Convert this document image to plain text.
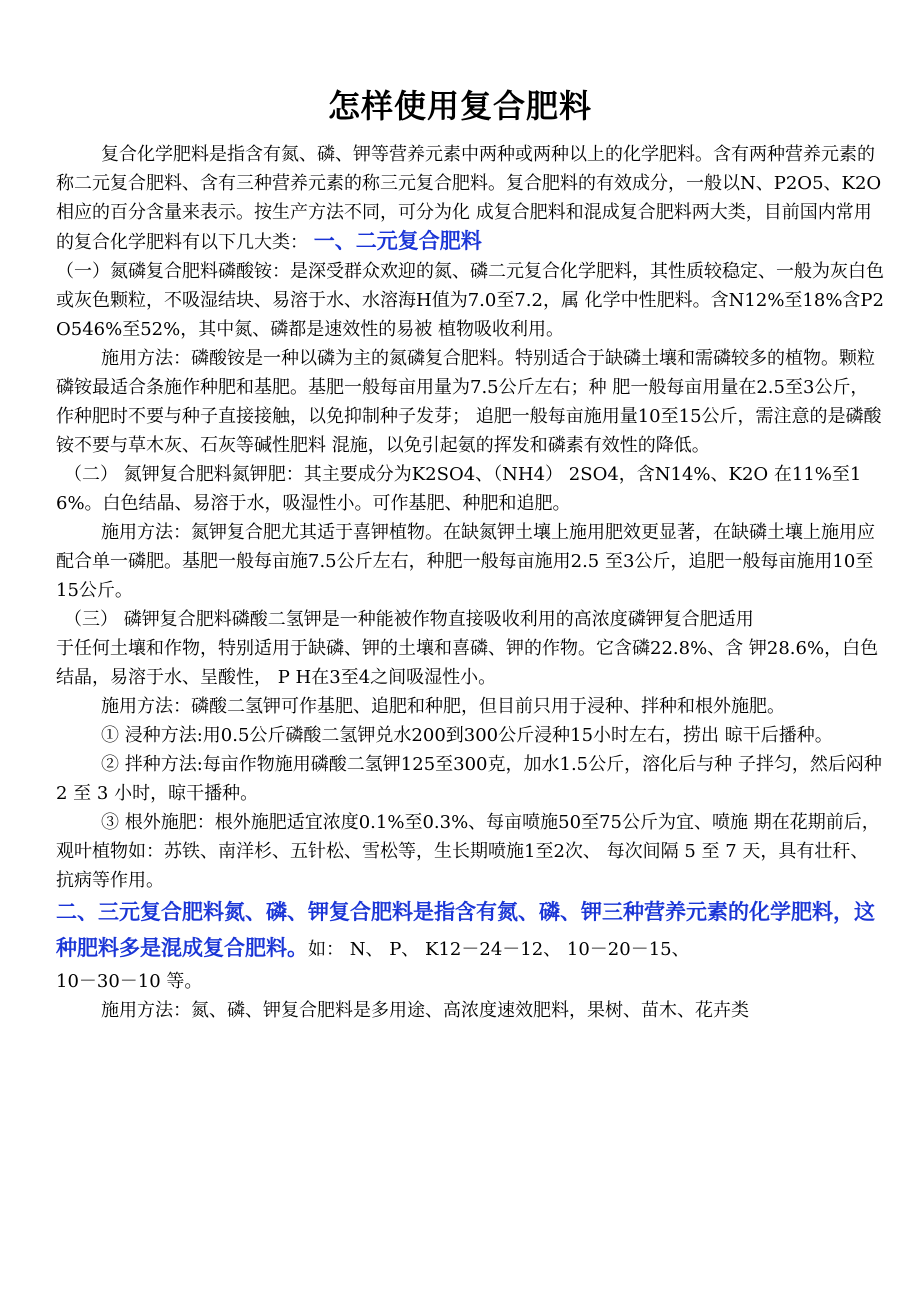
怎样使用复合肥料

复合化学肥料是指含有氮、磷、钾等营养元素中两种或两种以上的化学肥料。含有两种营养元素的称二元复合肥料、含有三种营养元素的称三元复合肥料。复合肥料的有效成分，一般以N、P2O5、K2O相应的百分含量来表示。按生产方法不同，可分为化 成复合肥料和混成复合肥料两大类，目前国内常用的复合化学肥料有以下几大类： 一、二元复合肥料

（一）氮磷复合肥料磷酸铵：是深受群众欢迎的氮、磷二元复合化学肥料，其性质较稳定、一般为灰白色或灰色颗粒，不吸湿结块、易溶于水、水溶海H值为7.0至7.2，属 化学中性肥料。含N12%至18%含P2O546%至52%，其中氮、磷都是速效性的易被 植物吸收利用。

施用方法：磷酸铵是一种以磷为主的氮磷复合肥料。特别适合于缺磷土壤和需磷较多的植物。颗粒磷铵最适合条施作种肥和基肥。基肥一般每亩用量为7.5公斤左右；种 肥一般每亩用量在2.5至3公斤，作种肥时不要与种子直接接触，以免抑制种子发芽； 追肥一般每亩施用量10至15公斤，需注意的是磷酸铵不要与草木灰、石灰等碱性肥料 混施，以免引起氨的挥发和磷素有效性的降低。

（二） 氮钾复合肥料氮钾肥：其主要成分为K2SO4、（NH4） 2SO4，含N14%、K2O 在11%至16%。白色结晶、易溶于水，吸湿性小。可作基肥、种肥和追肥。

施用方法：氮钾复合肥尤其适于喜钾植物。在缺氮钾土壤上施用肥效更显著，在缺磷土壤上施用应配合单一磷肥。基肥一般每亩施7.5公斤左右，种肥一般每亩施用2.5 至3公斤，追肥一般每亩施用10至15公斤。

（三） 磷钾复合肥料磷酸二氢钾是一种能被作物直接吸收利用的高浓度磷钾复合肥适用

于任何土壤和作物，特别适用于缺磷、钾的土壤和喜磷、钾的作物。它含磷22.8%、含 钾28.6%，白色结晶，易溶于水、呈酸性， P H在3至4之间吸湿性小。

施用方法：磷酸二氢钾可作基肥、追肥和种肥，但目前只用于浸种、拌种和根外施肥。

① 浸种方法:用0.5公斤磷酸二氢钾兑水200到300公斤浸种15小时左右，捞出 晾干后播种。

② 拌种方法:每亩作物施用磷酸二氢钾125至300克，加水1.5公斤，溶化后与种 子拌匀，然后闷种 2 至 3 小时，晾干播种。

③ 根外施肥：根外施肥适宜浓度0.1%至0.3%、每亩喷施50至75公斤为宜、喷施 期在花期前后，观叶植物如：苏铁、南洋杉、五针松、雪松等，生长期喷施1至2次、 每次间隔 5 至 7 天，具有壮秆、抗病等作用。

二、三元复合肥料氮、磷、钾复合肥料是指含有氮、磷、钾三种营养元素的化学肥料，这种肥料多是混成复合肥料。如： N、 P、 K12－24－12、 10－20－15、

10－30－10 等。

施用方法：氮、磷、钾复合肥料是多用途、高浓度速效肥料，果树、苗木、花卉类
